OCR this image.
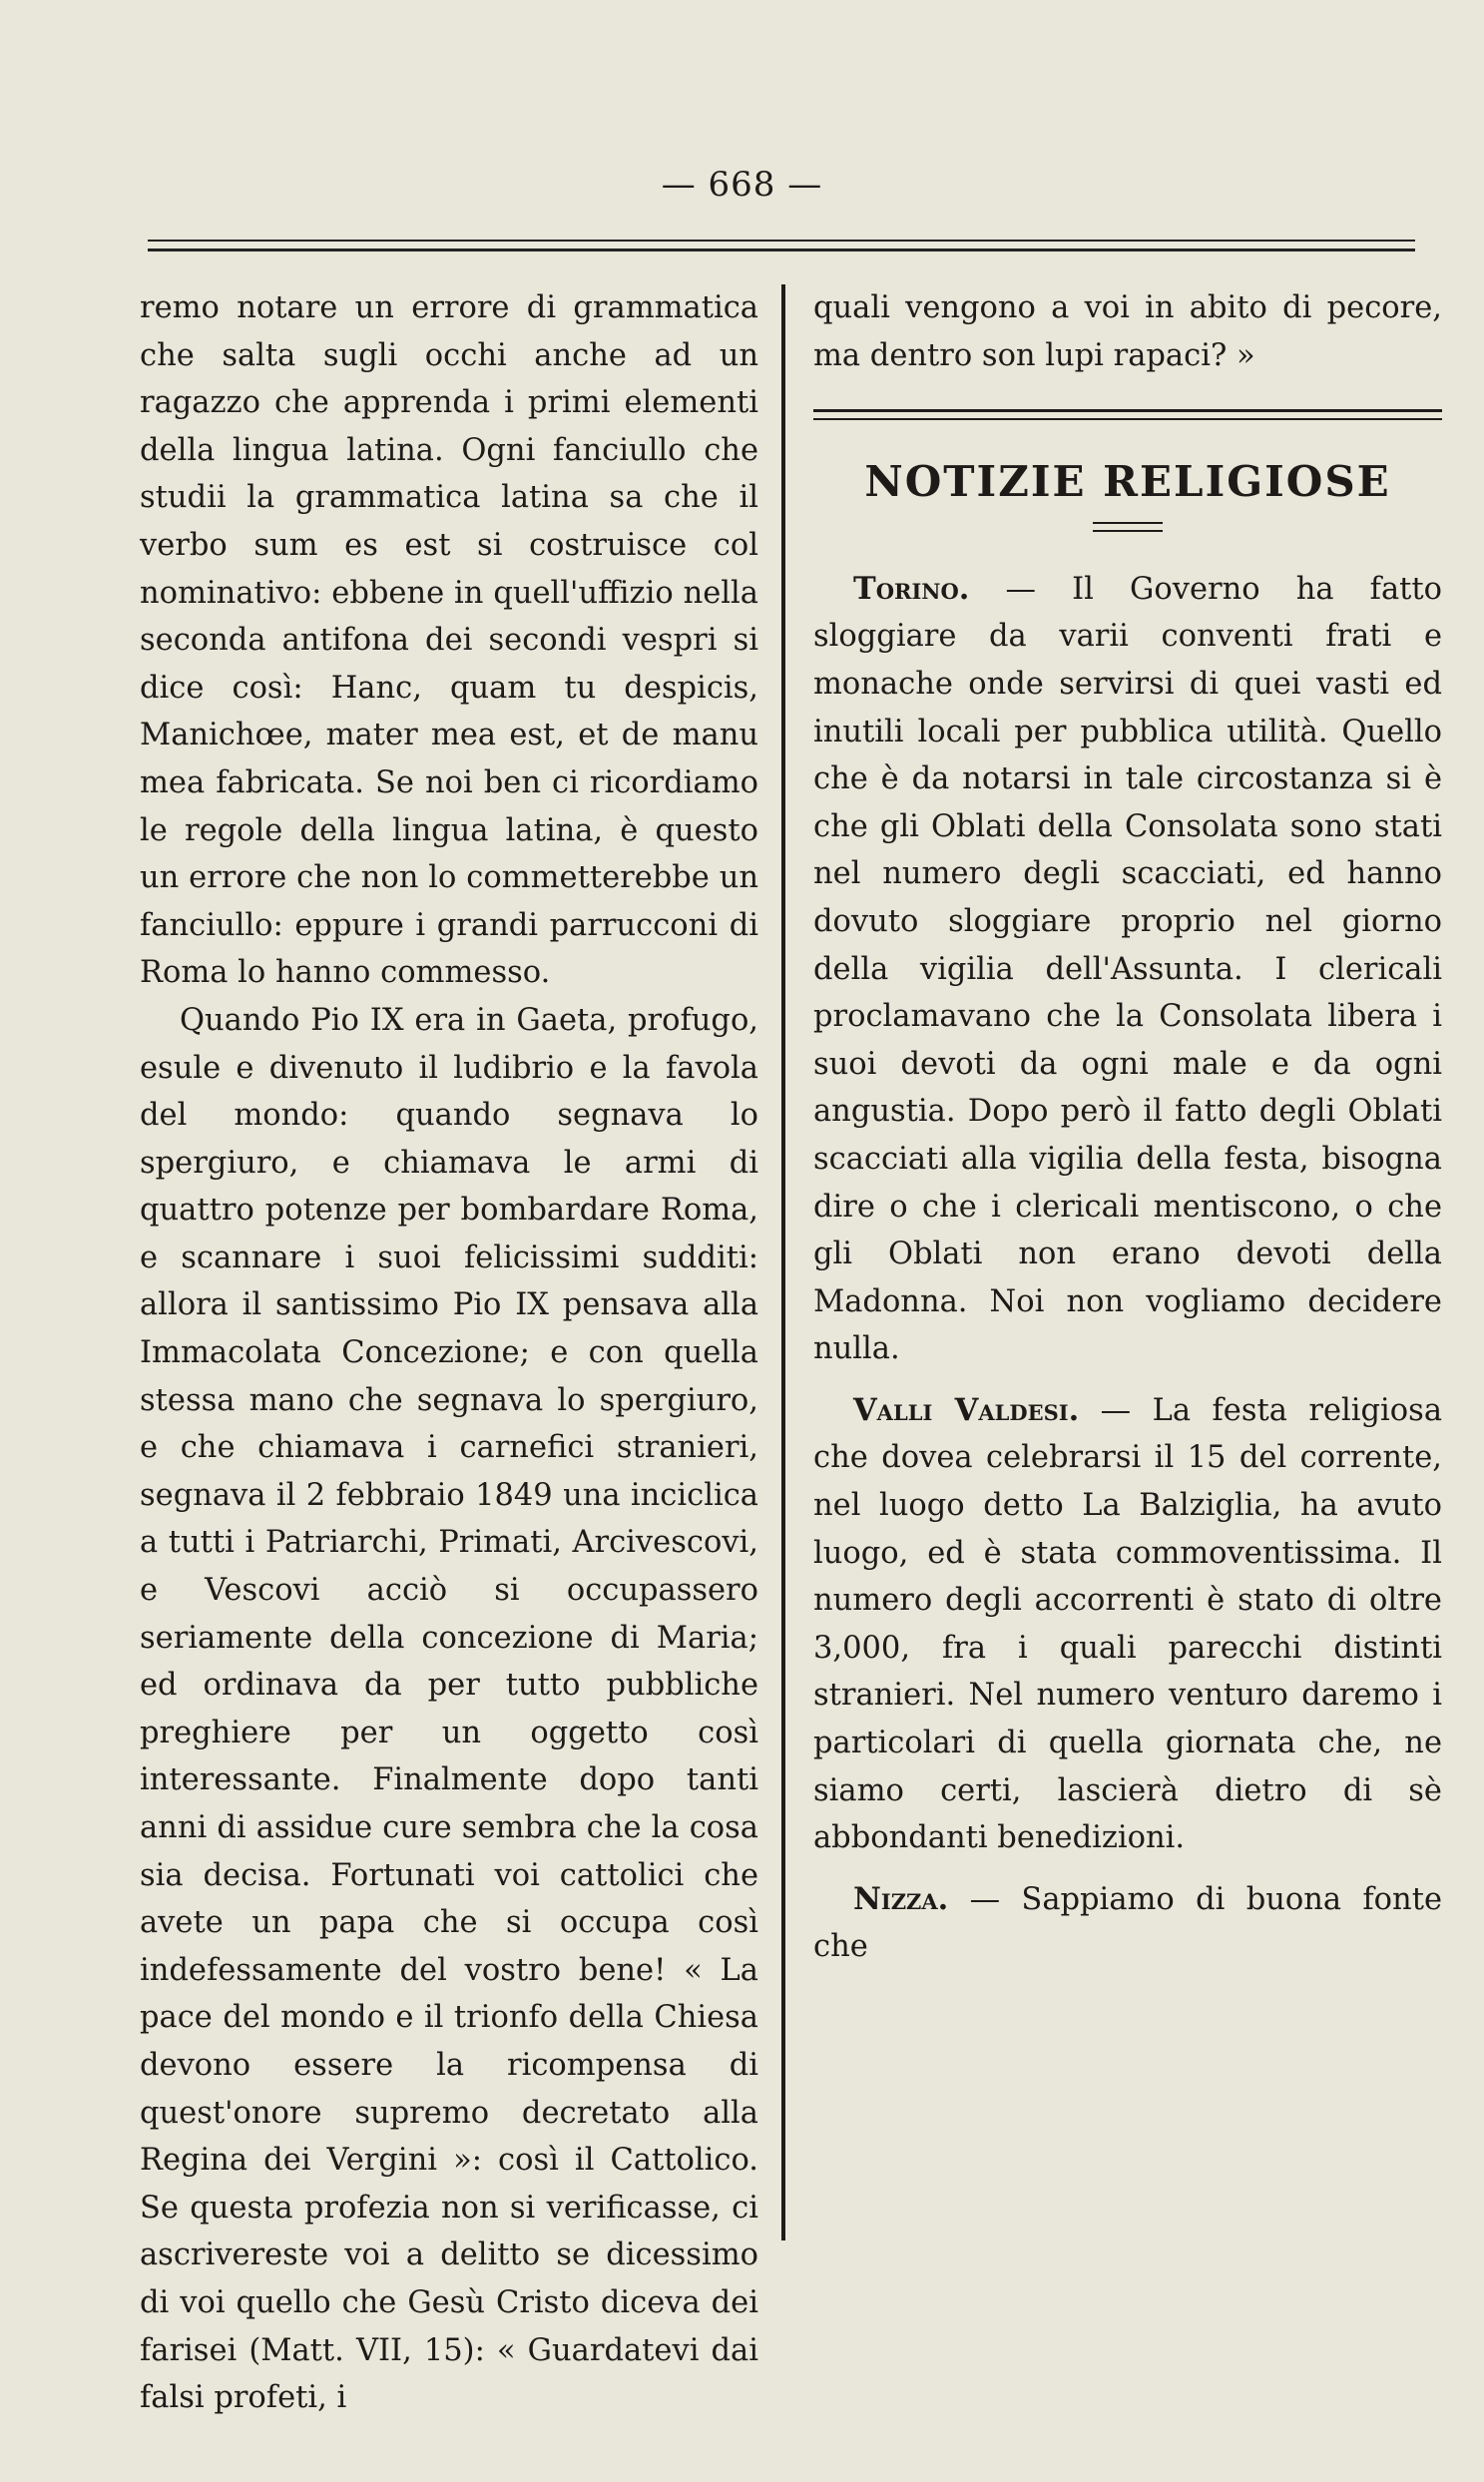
— 668 —

remo notare un errore di grammatica che salta sugli occhi anche ad un ragazzo che apprenda i primi elementi della lingua latina. Ogni fanciullo che studii la grammatica latina sa che il verbo sum es est si costruisce col nominativo: ebbene in quell'uffizio nella seconda antifona dei secondi vespri si dice così: Hanc, quam tu despicis, Manichœe, mater mea est, et de manu mea fabricata. Se noi ben ci ricordiamo le regole della lingua latina, è questo un errore che non lo commetterebbe un fanciullo: eppure i grandi parrucconi di Roma lo hanno commesso.

Quando Pio IX era in Gaeta, profugo, esule e divenuto il ludibrio e la favola del mondo: quando segnava lo spergiuro, e chiamava le armi di quattro potenze per bombardare Roma, e scannare i suoi felicissimi sudditi: allora il santissimo Pio IX pensava alla Immacolata Concezione; e con quella stessa mano che segnava lo spergiuro, e che chiamava i carnefici stranieri, segnava il 2 febbraio 1849 una inciclica a tutti i Patriarchi, Primati, Arcivescovi, e Vescovi acciò si occupassero seriamente della concezione di Maria; ed ordinava da per tutto pubbliche preghiere per un oggetto così interessante. Finalmente dopo tanti anni di assidue cure sembra che la cosa sia decisa. Fortunati voi cattolici che avete un papa che si occupa così indefessamente del vostro bene! « La pace del mondo e il trionfo della Chiesa devono essere la ricompensa di quest'onore supremo decretato alla Regina dei Vergini »: così il Cattolico. Se questa profezia non si verificasse, ci ascrivereste voi a delitto se dicessimo di voi quello che Gesù Cristo diceva dei farisei (Matt. VII, 15): « Guardatevi dai falsi profeti, i

quali vengono a voi in abito di pecore, ma dentro son lupi rapaci? »

NOTIZIE RELIGIOSE

Torino. — Il Governo ha fatto sloggiare da varii conventi frati e monache onde servirsi di quei vasti ed inutili locali per pubblica utilità. Quello che è da notarsi in tale circostanza si è che gli Oblati della Consolata sono stati nel numero degli scacciati, ed hanno dovuto sloggiare proprio nel giorno della vigilia dell'Assunta. I clericali proclamavano che la Consolata libera i suoi devoti da ogni male e da ogni angustia. Dopo però il fatto degli Oblati scacciati alla vigilia della festa, bisogna dire o che i clericali mentiscono, o che gli Oblati non erano devoti della Madonna. Noi non vogliamo decidere nulla.

Valli Valdesi. — La festa religiosa che dovea celebrarsi il 15 del corrente, nel luogo detto La Balziglia, ha avuto luogo, ed è stata commoventissima. Il numero degli accorrenti è stato di oltre 3,000, fra i quali parecchi distinti stranieri. Nel numero venturo daremo i particolari di quella giornata che, ne siamo certi, lascierà dietro di sè abbondanti benedizioni.

Nizza. — Sappiamo di buona fonte che
